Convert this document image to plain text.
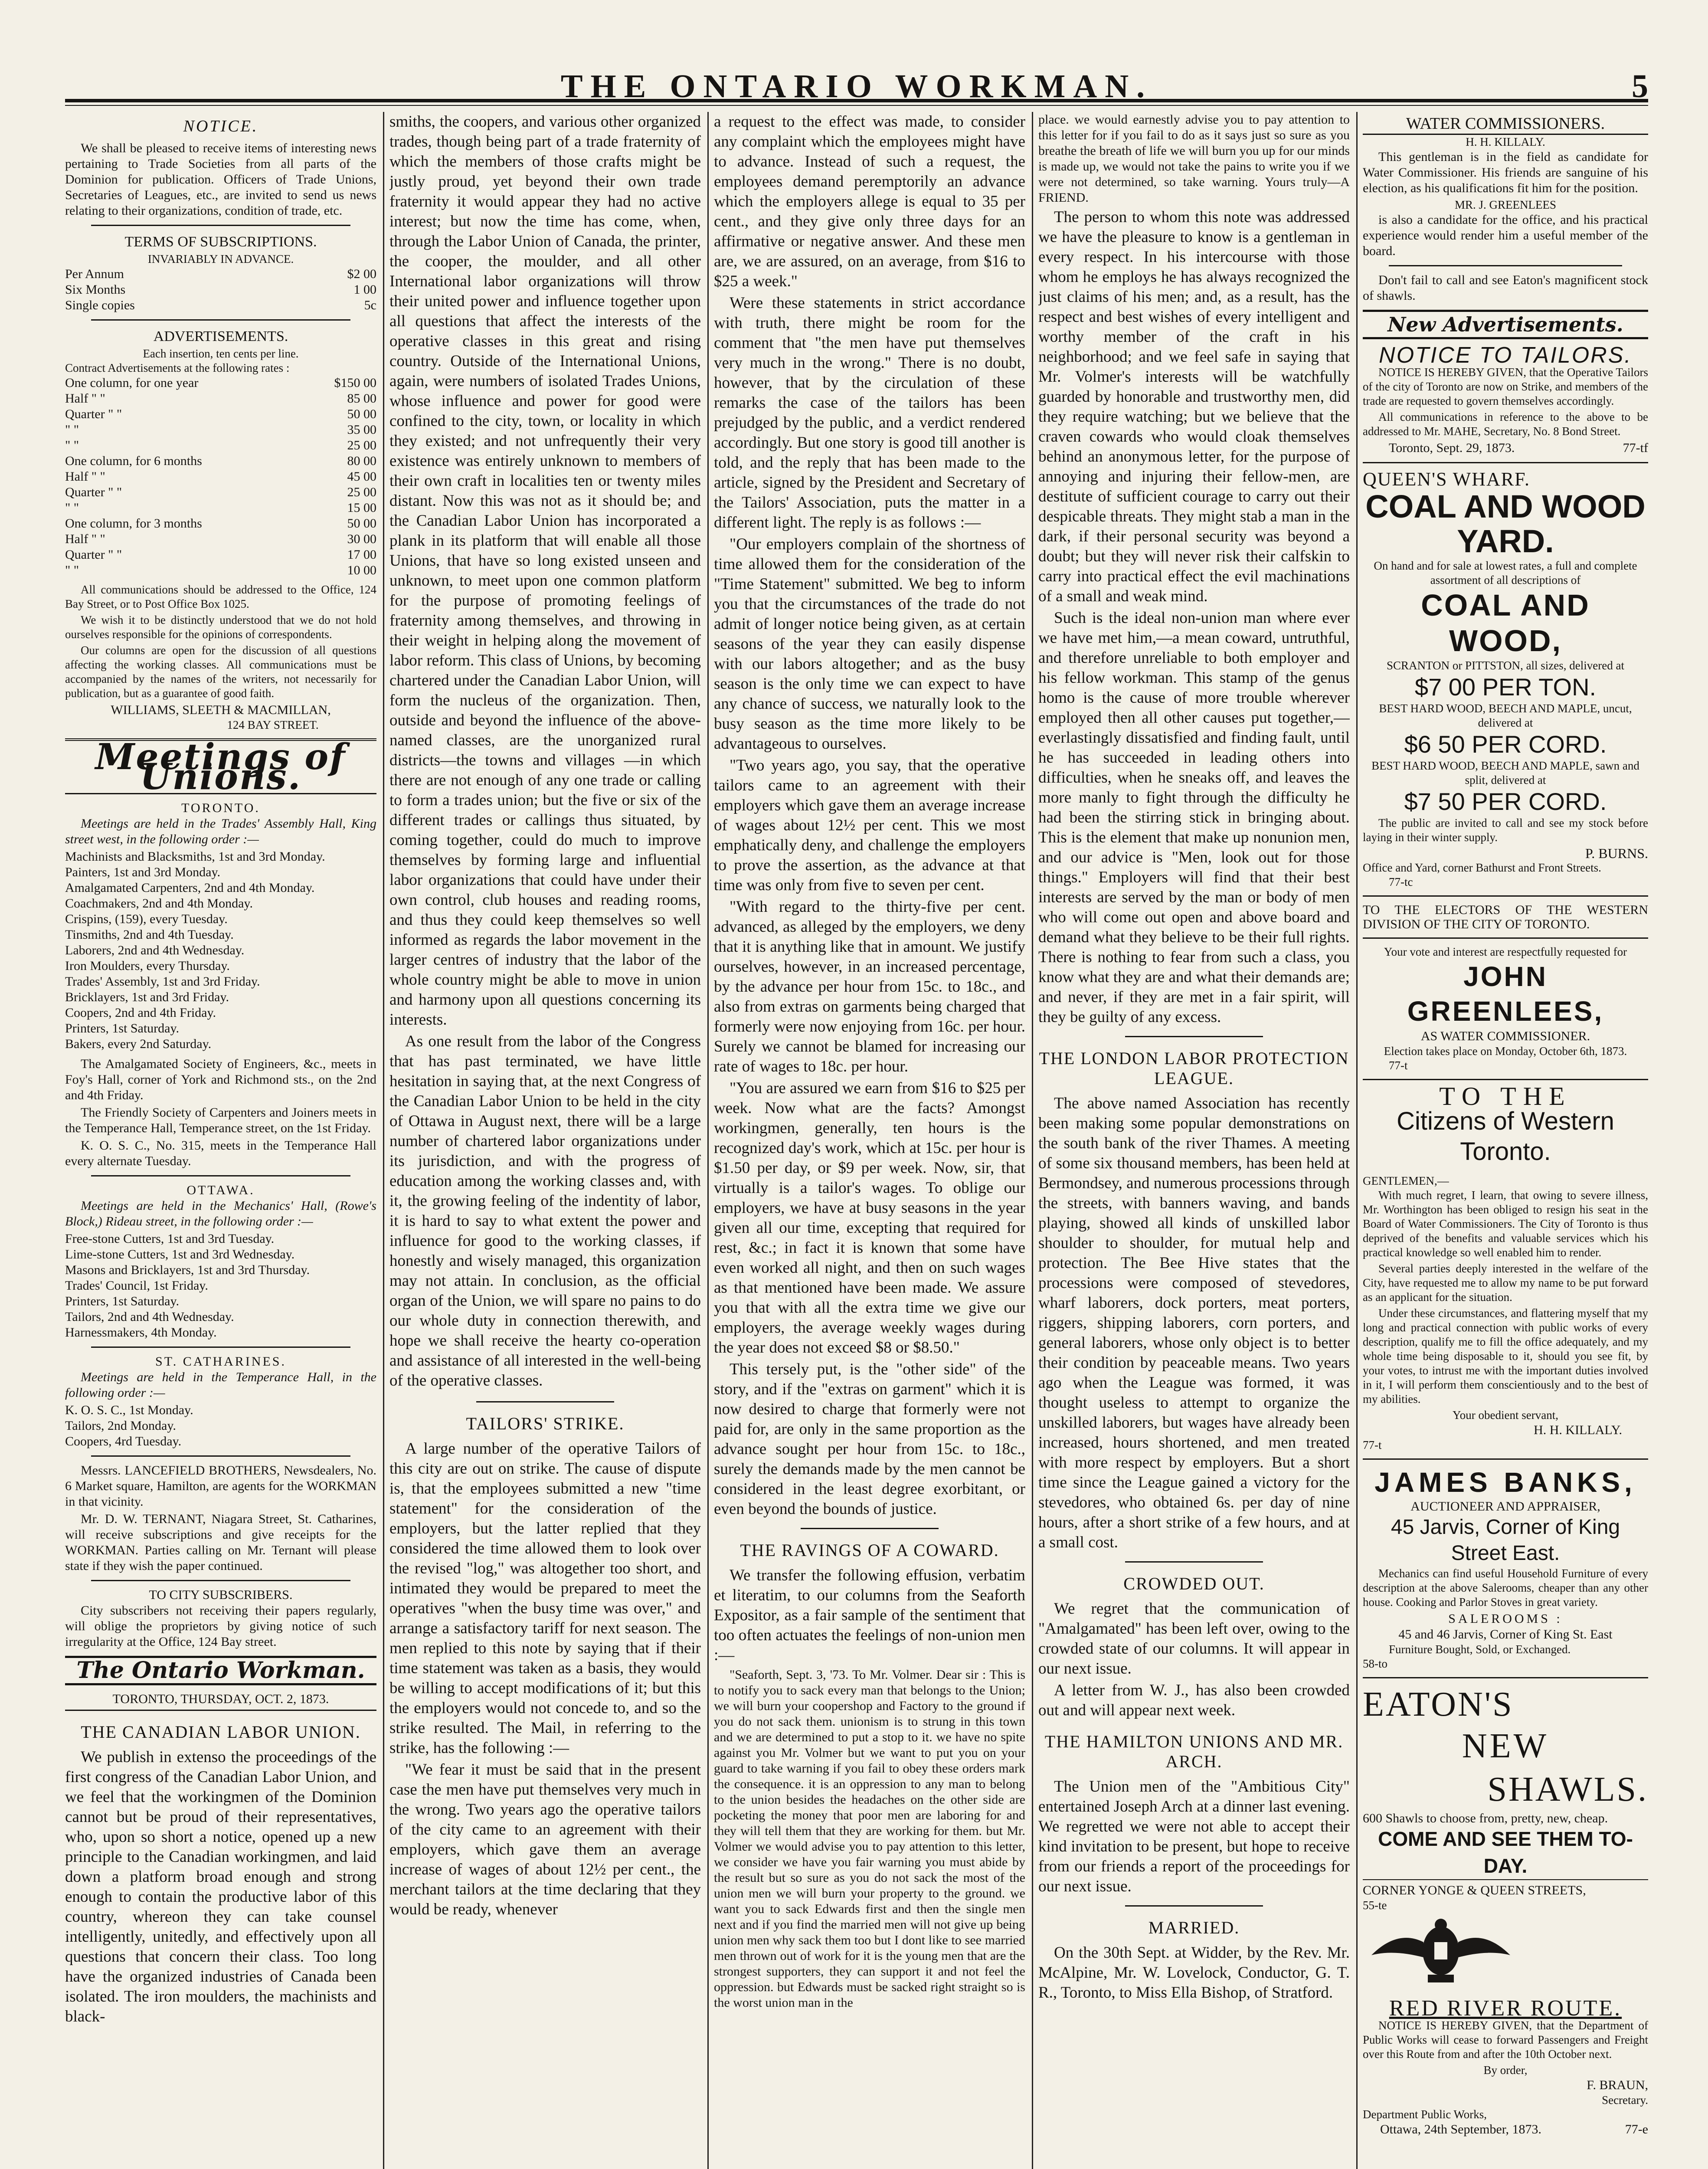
THE ONTARIO WORKMAN.	5
NOTICE.

We shall be pleased to receive items of interesting news pertaining to Trade Societies from all parts of the Dominion for publication. Officers of Trade Unions, Secretaries of Leagues, etc., are invited to send us news relating to their organizations, condition of trade, etc.

TERMS OF SUBSCRIPTIONS.
INVARIABLY IN ADVANCE.
Per Annum	$2 00
Six Months	1 00
Single copies	5c
ADVERTISEMENTS.
Each insertion, ten cents per line.
Contract Advertisements at the following rates :
One column, for one year	$150 00
Half " "	85 00
Quarter " "	50 00
" "	35 00
" "	25 00
One column, for 6 months	80 00
Half " "	45 00
Quarter " "	25 00
" "	15 00
One column, for 3 months	50 00
Half " "	30 00
Quarter " "	17 00
" "	10 00

All communications should be addressed to the Office, 124 Bay Street, or to Post Office Box 1025.

We wish it to be distinctly understood that we do not hold ourselves responsible for the opinions of correspondents.

Our columns are open for the discussion of all questions affecting the working classes. All communications must be accompanied by the names of the writers, not necessarily for publication, but as a guarantee of good faith.

WILLIAMS, SLEETH & MACMILLAN,
124 BAY STREET.
Meetings of Unions.
TORONTO.

Meetings are held in the Trades' Assembly Hall, King street west, in the following order :—

Machinists and Blacksmiths, 1st and 3rd Monday.
Painters, 1st and 3rd Monday.
Amalgamated Carpenters, 2nd and 4th Monday.
Coachmakers, 2nd and 4th Monday.
Crispins, (159), every Tuesday.
Tinsmiths, 2nd and 4th Tuesday.
Laborers, 2nd and 4th Wednesday.
Iron Moulders, every Thursday.
Trades' Assembly, 1st and 3rd Friday.
Bricklayers, 1st and 3rd Friday.
Coopers, 2nd and 4th Friday.
Printers, 1st Saturday.
Bakers, every 2nd Saturday.

The Amalgamated Society of Engineers, &c., meets in Foy's Hall, corner of York and Richmond sts., on the 2nd and 4th Friday.

The Friendly Society of Carpenters and Joiners meets in the Temperance Hall, Temperance street, on the 1st Friday.

K. O. S. C., No. 315, meets in the Temperance Hall every alternate Tuesday.

OTTAWA.

Meetings are held in the Mechanics' Hall, (Rowe's Block,) Rideau street, in the following order :—

Free-stone Cutters, 1st and 3rd Tuesday.
Lime-stone Cutters, 1st and 3rd Wednesday.
Masons and Bricklayers, 1st and 3rd Thursday.
Trades' Council, 1st Friday.
Printers, 1st Saturday.
Tailors, 2nd and 4th Wednesday.
Harnessmakers, 4th Monday.
ST. CATHARINES.

Meetings are held in the Temperance Hall, in the following order :—

K. O. S. C., 1st Monday.
Tailors, 2nd Monday.
Coopers, 4rd Tuesday.

Messrs. LANCEFIELD BROTHERS, Newsdealers, No. 6 Market square, Hamilton, are agents for the WORKMAN in that vicinity.

Mr. D. W. TERNANT, Niagara Street, St. Catharines, will receive subscriptions and give receipts for the WORKMAN. Parties calling on Mr. Ternant will please state if they wish the paper continued.

TO CITY SUBSCRIBERS.

City subscribers not receiving their papers regularly, will oblige the proprietors by giving notice of such irregularity at the Office, 124 Bay street.

The Ontario Workman.
TORONTO, THURSDAY, OCT. 2, 1873.
THE CANADIAN LABOR UNION.

We publish in extenso the proceedings of the first congress of the Canadian Labor Union, and we feel that the workingmen of the Dominion cannot but be proud of their representatives, who, upon so short a notice, opened up a new principle to the Canadian workingmen, and laid down a platform broad enough and strong enough to contain the productive labor of this country, whereon they can take counsel intelligently, unitedly, and effectively upon all questions that concern their class. Too long have the organized industries of Canada been isolated. The iron moulders, the machinists and black-

smiths, the coopers, and various other organized trades, though being part of a trade fraternity of which the members of those crafts might be justly proud, yet beyond their own trade fraternity it would appear they had no active interest; but now the time has come, when, through the Labor Union of Canada, the printer, the cooper, the moulder, and all other International labor organizations will throw their united power and influence together upon all questions that affect the interests of the operative classes in this great and rising country. Outside of the International Unions, again, were numbers of isolated Trades Unions, whose influence and power for good were confined to the city, town, or locality in which they existed; and not unfrequently their very existence was entirely unknown to members of their own craft in localities ten or twenty miles distant. Now this was not as it should be; and the Canadian Labor Union has incorporated a plank in its platform that will enable all those Unions, that have so long existed unseen and unknown, to meet upon one common platform for the purpose of promoting feelings of fraternity among themselves, and throwing in their weight in helping along the movement of labor reform. This class of Unions, by becoming chartered under the Canadian Labor Union, will form the nucleus of the organization. Then, outside and beyond the influence of the above-named classes, are the unorganized rural districts—the towns and villages —in which there are not enough of any one trade or calling to form a trades union; but the five or six of the different trades or callings thus situated, by coming together, could do much to improve themselves by forming large and influential labor organizations that could have under their own control, club houses and reading rooms, and thus they could keep themselves so well informed as regards the labor movement in the larger centres of industry that the labor of the whole country might be able to move in union and harmony upon all questions concerning its interests.

As one result from the labor of the Congress that has past terminated, we have little hesitation in saying that, at the next Congress of the Canadian Labor Union to be held in the city of Ottawa in August next, there will be a large number of chartered labor organizations under its jurisdiction, and with the progress of education among the working classes and, with it, the growing feeling of the indentity of labor, it is hard to say to what extent the power and influence for good to the working classes, if honestly and wisely managed, this organization may not attain. In conclusion, as the official organ of the Union, we will spare no pains to do our whole duty in connection therewith, and hope we shall receive the hearty co-operation and assistance of all interested in the well-being of the operative classes.

TAILORS' STRIKE.

A large number of the operative Tailors of this city are out on strike. The cause of dispute is, that the employees submitted a new "time statement" for the consideration of the employers, but the latter replied that they considered the time allowed them to look over the revised "log," was altogether too short, and intimated they would be prepared to meet the operatives "when the busy time was over," and arrange a satisfactory tariff for next season. The men replied to this note by saying that if their time statement was taken as a basis, they would be willing to accept modifications of it; but this the employers would not concede to, and so the strike resulted. The Mail, in referring to the strike, has the following :—

"We fear it must be said that in the present case the men have put themselves very much in the wrong. Two years ago the operative tailors of the city came to an agreement with their employers, which gave them an average increase of wages of about 12½ per cent., the merchant tailors at the time declaring that they would be ready, whenever

a request to the effect was made, to consider any complaint which the employees might have to advance. Instead of such a request, the employees demand peremptorily an advance which the employers allege is equal to 35 per cent., and they give only three days for an affirmative or negative answer. And these men are, we are assured, on an average, from $16 to $25 a week."

Were these statements in strict accordance with truth, there might be room for the comment that "the men have put themselves very much in the wrong." There is no doubt, however, that by the circulation of these remarks the case of the tailors has been prejudged by the public, and a verdict rendered accordingly. But one story is good till another is told, and the reply that has been made to the article, signed by the President and Secretary of the Tailors' Association, puts the matter in a different light. The reply is as follows :—

"Our employers complain of the shortness of time allowed them for the consideration of the "Time Statement" submitted. We beg to inform you that the circumstances of the trade do not admit of longer notice being given, as at certain seasons of the year they can easily dispense with our labors altogether; and as the busy season is the only time we can expect to have any chance of success, we naturally look to the busy season as the time more likely to be advantageous to ourselves.

"Two years ago, you say, that the operative tailors came to an agreement with their employers which gave them an average increase of wages about 12½ per cent. This we most emphatically deny, and challenge the employers to prove the assertion, as the advance at that time was only from five to seven per cent.

"With regard to the thirty-five per cent. advanced, as alleged by the employers, we deny that it is anything like that in amount. We justify ourselves, however, in an increased percentage, by the advance per hour from 15c. to 18c., and also from extras on garments being charged that formerly were now enjoying from 16c. per hour. Surely we cannot be blamed for increasing our rate of wages to 18c. per hour.

"You are assured we earn from $16 to $25 per week. Now what are the facts? Amongst workingmen, generally, ten hours is the recognized day's work, which at 15c. per hour is $1.50 per day, or $9 per week. Now, sir, that virtually is a tailor's wages. To oblige our employers, we have at busy seasons in the year given all our time, excepting that required for rest, &c.; in fact it is known that some have even worked all night, and then on such wages as that mentioned have been made. We assure you that with all the extra time we give our employers, the average weekly wages during the year does not exceed $8 or $8.50."

This tersely put, is the "other side" of the story, and if the "extras on garment" which it is now desired to charge that formerly were not paid for, are only in the same proportion as the advance sought per hour from 15c. to 18c., surely the demands made by the men cannot be considered in the least degree exorbitant, or even beyond the bounds of justice.

THE RAVINGS OF A COWARD.

We transfer the following effusion, verbatim et literatim, to our columns from the Seaforth Expositor, as a fair sample of the sentiment that too often actuates the feelings of non-union men :—

"Seaforth, Sept. 3, '73. To Mr. Volmer. Dear sir : This is to notify you to sack every man that belongs to the Union; we will burn your coopershop and Factory to the ground if you do not sack them. unionism is to strung in this town and we are determined to put a stop to it. we have no spite against you Mr. Volmer but we want to put you on your guard to take warning if you fail to obey these orders mark the consequence. it is an oppression to any man to belong to the union besides the headaches on the other side are pocketing the money that poor men are laboring for and they will tell them that they are working for them. but Mr. Volmer we would advise you to pay attention to this letter, we consider we have you fair warning you must abide by the result but so sure as you do not sack the most of the union men we will burn your property to the ground. we want you to sack Edwards first and then the single men next and if you find the married men will not give up being union men why sack them too but I dont like to see married men thrown out of work for it is the young men that are the strongest supporters, they can support it and not feel the oppression. but Edwards must be sacked right straight so is the worst union man in the

place. we would earnestly advise you to pay attention to this letter for if you fail to do as it says just so sure as you breathe the breath of life we will burn you up for our minds is made up, we would not take the pains to write you if we were not determined, so take warning. Yours truly—A FRIEND.

The person to whom this note was addressed we have the pleasure to know is a gentleman in every respect. In his intercourse with those whom he employs he has always recognized the just claims of his men; and, as a result, has the respect and best wishes of every intelligent and worthy member of the craft in his neighborhood; and we feel safe in saying that Mr. Volmer's interests will be watchfully guarded by honorable and trustworthy men, did they require watching; but we believe that the craven cowards who would cloak themselves behind an anonymous letter, for the purpose of annoying and injuring their fellow-men, are destitute of sufficient courage to carry out their despicable threats. They might stab a man in the dark, if their personal security was beyond a doubt; but they will never risk their calfskin to carry into practical effect the evil machinations of a small and weak mind.

Such is the ideal non-union man where ever we have met him,—a mean coward, untruthful, and therefore unreliable to both employer and his fellow workman. This stamp of the genus homo is the cause of more trouble wherever employed then all other causes put together,—everlastingly dissatisfied and finding fault, until he has succeeded in leading others into difficulties, when he sneaks off, and leaves the more manly to fight through the difficulty he had been the stirring stick in bringing about. This is the element that make up nonunion men, and our advice is "Men, look out for those things." Employers will find that their best interests are served by the man or body of men who will come out open and above board and demand what they believe to be their full rights. There is nothing to fear from such a class, you know what they are and what their demands are; and never, if they are met in a fair spirit, will they be guilty of any excess.

THE LONDON LABOR PROTECTION LEAGUE.

The above named Association has recently been making some popular demonstrations on the south bank of the river Thames. A meeting of some six thousand members, has been held at Bermondsey, and numerous processions through the streets, with banners waving, and bands playing, showed all kinds of unskilled labor shoulder to shoulder, for mutual help and protection. The Bee Hive states that the processions were composed of stevedores, wharf laborers, dock porters, meat porters, riggers, shipping laborers, corn porters, and general laborers, whose only object is to better their condition by peaceable means. Two years ago when the League was formed, it was thought useless to attempt to organize the unskilled laborers, but wages have already been increased, hours shortened, and men treated with more respect by employers. But a short time since the League gained a victory for the stevedores, who obtained 6s. per day of nine hours, after a short strike of a few hours, and at a small cost.

CROWDED OUT.

We regret that the communication of "Amalgamated" has been left over, owing to the crowded state of our columns. It will appear in our next issue.

A letter from W. J., has also been crowded out and will appear next week.

THE HAMILTON UNIONS AND MR. ARCH.

The Union men of the "Ambitious City" entertained Joseph Arch at a dinner last evening. We regretted we were not able to accept their kind invitation to be present, but hope to receive from our friends a report of the proceedings for our next issue.

MARRIED.

On the 30th Sept. at Widder, by the Rev. Mr. McAlpine, Mr. W. Lovelock, Conductor, G. T. R., Toronto, to Miss Ella Bishop, of Stratford.

WATER COMMISSIONERS.
H. H. KILLALY.

This gentleman is in the field as candidate for Water Commissioner. His friends are sanguine of his election, as his qualifications fit him for the position.

MR. J. GREENLEES

is also a candidate for the office, and his practical experience would render him a useful member of the board.

Don't fail to call and see Eaton's magnificent stock of shawls.

New Advertisements.
NOTICE TO TAILORS.

NOTICE IS HEREBY GIVEN, that the Operative Tailors of the city of Toronto are now on Strike, and members of the trade are requested to govern themselves accordingly.

All communications in reference to the above to be addressed to Mr. MAHE, Secretary, No. 8 Bond Street.

Toronto, Sept. 29, 1873.	77-tf
QUEEN'S WHARF.
COAL AND WOOD YARD.
On hand and for sale at lowest rates, a full and complete assortment of all descriptions of
COAL AND WOOD,
SCRANTON or PITTSTON, all sizes, delivered at
$7 00 PER TON.
BEST HARD WOOD, BEECH AND MAPLE, uncut, delivered at
$6 50 PER CORD.
BEST HARD WOOD, BEECH AND MAPLE, sawn and split, delivered at
$7 50 PER CORD.

The public are invited to call and see my stock before laying in their winter supply.

P. BURNS.
Office and Yard, corner Bathurst and Front Streets.
77-tc
TO THE ELECTORS OF THE WESTERN DIVISION OF THE CITY OF TORONTO.
Your vote and interest are respectfully requested for
JOHN GREENLEES,
AS WATER COMMISSIONER.
Election takes place on Monday, October 6th, 1873.
77-t
TO THE
Citizens of Western Toronto.
GENTLEMEN,—

With much regret, I learn, that owing to severe illness, Mr. Worthington has been obliged to resign his seat in the Board of Water Commissioners. The City of Toronto is thus deprived of the benefits and valuable services which his practical knowledge so well enabled him to render.

Several parties deeply interested in the welfare of the City, have requested me to allow my name to be put forward as an applicant for the situation.

Under these circumstances, and flattering myself that my long and practical connection with public works of every description, qualify me to fill the office adequately, and my whole time being disposable to it, should you see fit, by your votes, to intrust me with the important duties involved in it, I will perform them conscientiously and to the best of my abilities.

Your obedient servant,
H. H. KILLALY.
77-t
JAMES BANKS,
AUCTIONEER AND APPRAISER,
45 Jarvis, Corner of King Street East.

Mechanics can find useful Household Furniture of every description at the above Salerooms, cheaper than any other house. Cooking and Parlor Stoves in great variety.

SALEROOMS :
45 and 46 Jarvis, Corner of King St. East
Furniture Bought, Sold, or Exchanged.
58-to
EATON'S
NEW
SHAWLS.
600 Shawls to choose from, pretty, new, cheap.
COME AND SEE THEM TO-DAY.
CORNER YONGE & QUEEN STREETS,
55-te
RED RIVER ROUTE.

NOTICE IS HEREBY GIVEN, that the Department of Public Works will cease to forward Passengers and Freight over this Route from and after the 10th October next.

By order,
F. BRAUN,
Secretary.
Department Public Works,
Ottawa, 24th September, 1873.	77-e
